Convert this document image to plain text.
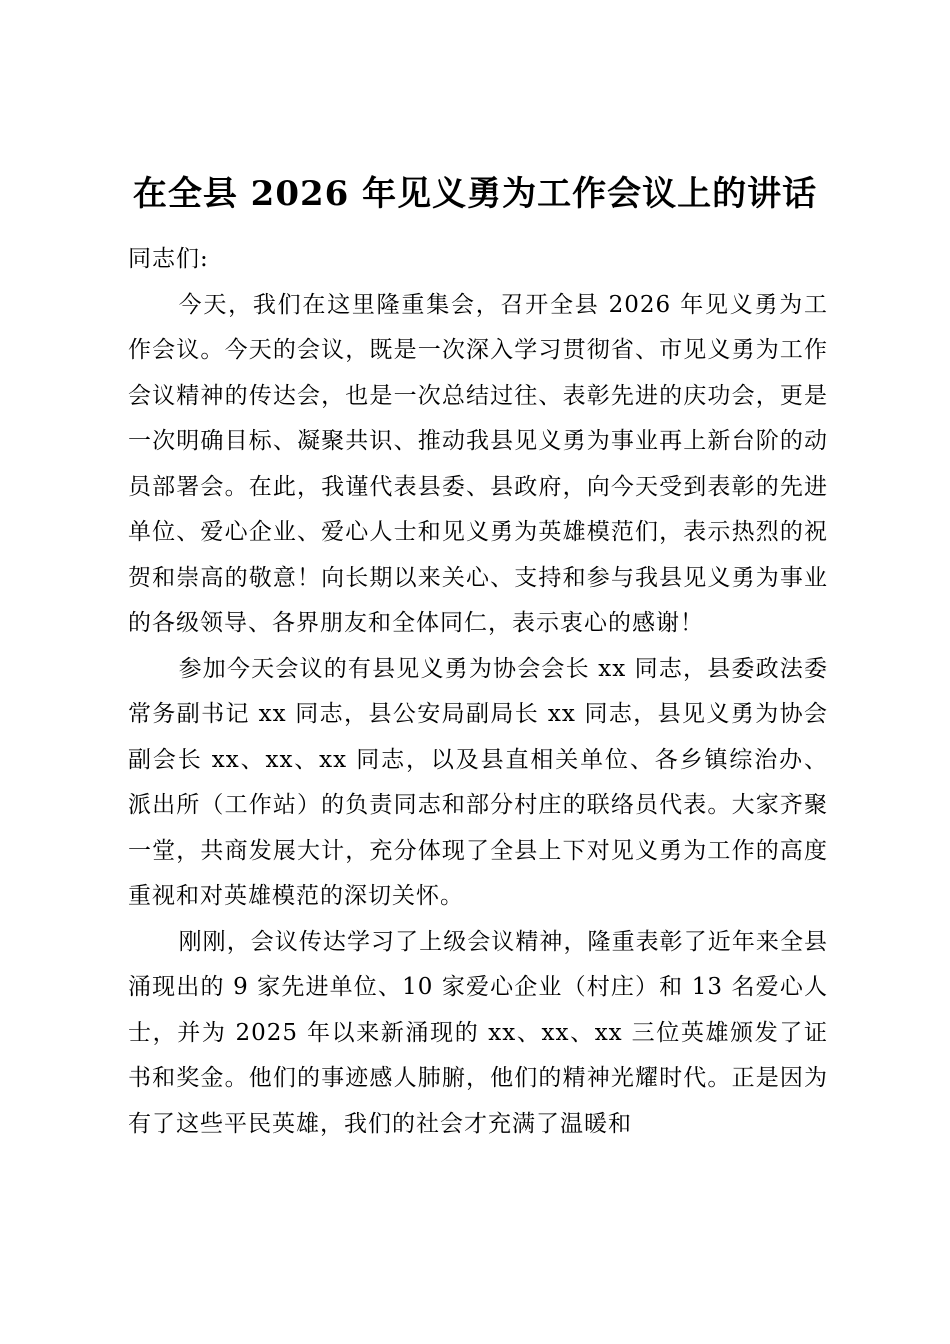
在全县 2026 年见义勇为工作会议上的讲话

同志们:

今天，我们在这里隆重集会，召开全县 2026 年见义勇为工作会议。今天的会议，既是一次深入学习贯彻省、市见义勇为工作会议精神的传达会，也是一次总结过往、表彰先进的庆功会，更是一次明确目标、凝聚共识、推动我县见义勇为事业再上新台阶的动员部署会。在此，我谨代表县委、县政府，向今天受到表彰的先进单位、爱心企业、爱心人士和见义勇为英雄模范们，表示热烈的祝贺和崇高的敬意！向长期以来关心、支持和参与我县见义勇为事业的各级领导、各界朋友和全体同仁，表示衷心的感谢！

参加今天会议的有县见义勇为协会会长 xx 同志，县委政法委常务副书记 xx 同志，县公安局副局长 xx 同志，县见义勇为协会副会长 xx、xx、xx 同志，以及县直相关单位、各乡镇综治办、派出所（工作站）的负责同志和部分村庄的联络员代表。大家齐聚一堂，共商发展大计，充分体现了全县上下对见义勇为工作的高度重视和对英雄模范的深切关怀。

刚刚，会议传达学习了上级会议精神，隆重表彰了近年来全县涌现出的 9 家先进单位、10 家爱心企业（村庄）和 13 名爱心人士，并为 2025 年以来新涌现的 xx、xx、xx 三位英雄颁发了证书和奖金。他们的事迹感人肺腑，他们的精神光耀时代。正是因为有了这些平民英雄，我们的社会才充满了温暖和
